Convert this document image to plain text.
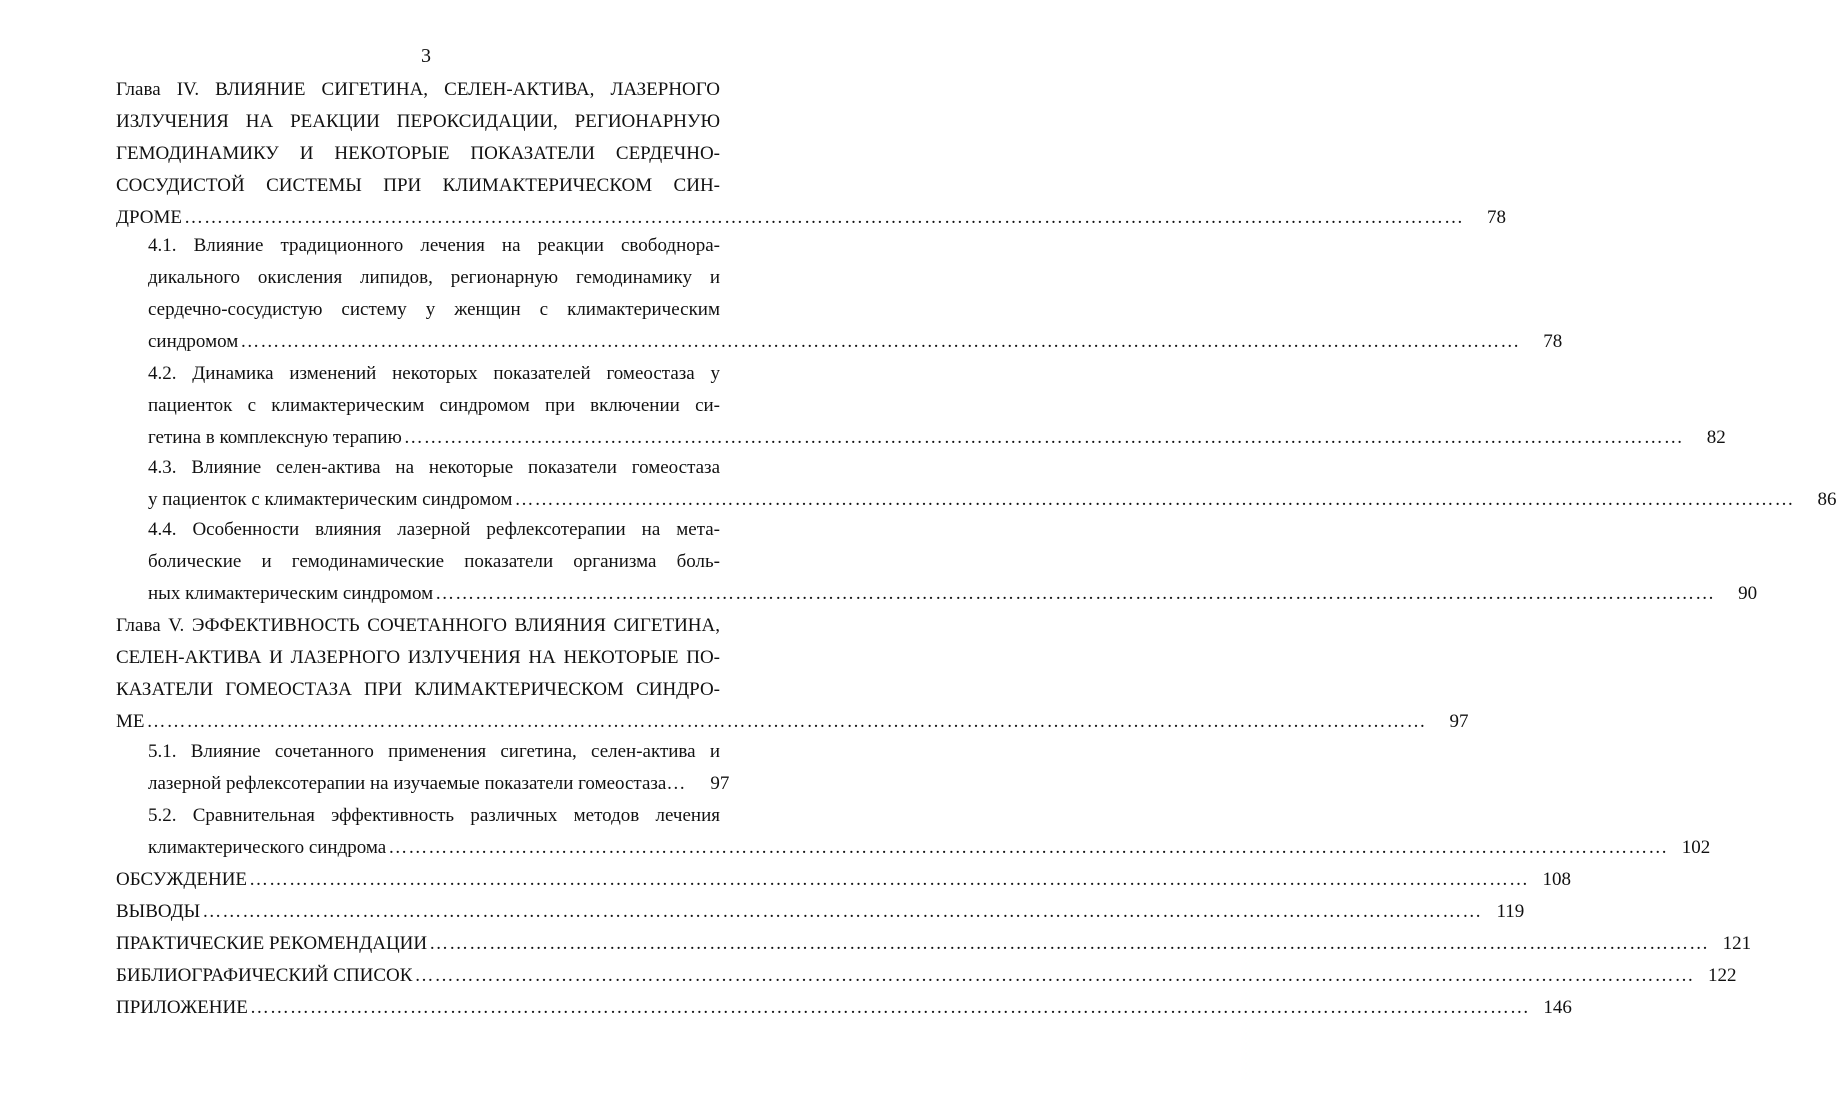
3
Глава IV. ВЛИЯНИЕ СИГЕТИНА, СЕЛЕН-АКТИВА, ЛАЗЕРНОГО
ИЗЛУЧЕНИЯ НА РЕАКЦИИ ПЕРОКСИДАЦИИ, РЕГИОНАРНУЮ
ГЕМОДИНАМИКУ И НЕКОТОРЫЕ ПОКАЗАТЕЛИ СЕРДЕЧНО-
СОСУДИСТОЙ СИСТЕМЫ ПРИ КЛИМАКТЕРИЧЕСКОМ СИН-
ДРОМЕ …………………………………………………………………………………………………………………………………………………………………………	78
4.1. Влияние традиционного лечения на реакции свободнора-
дикального окисления липидов, регионарную гемодинамику и
сердечно-сосудистую систему у женщин с климактерическим
синдромом …………………………………………………………………………………………………………………………………………………………………………	78
4.2. Динамика изменений некоторых показателей гомеостаза у
пациенток с климактерическим синдромом при включении си-
гетина в комплексную терапию …………………………………………………………………………………………………………………………………………………………………………	82
4.3. Влияние селен-актива на некоторые показатели гомеостаза
у пациенток с климактерическим синдромом …………………………………………………………………………………………………………………………………………………………………………	86
4.4. Особенности влияния лазерной рефлексотерапии на мета-
болические и гемодинамические показатели организма боль-
ных климактерическим синдромом …………………………………………………………………………………………………………………………………………………………………………	90
Глава V. ЭФФЕКТИВНОСТЬ СОЧЕТАННОГО ВЛИЯНИЯ СИГЕТИНА,
СЕЛЕН-АКТИВА И ЛАЗЕРНОГО ИЗЛУЧЕНИЯ НА НЕКОТОРЫЕ ПО-
КАЗАТЕЛИ ГОМЕОСТАЗА ПРИ КЛИМАКТЕРИЧЕСКОМ СИНДРО-
МЕ …………………………………………………………………………………………………………………………………………………………………………	97
5.1. Влияние сочетанного применения сигетина, селен-актива и
лазерной рефлексотерапии на изучаемые показатели гомеостаза…	97
5.2. Сравнительная эффективность различных методов лечения
климактерического синдрома ………………………………………………………………………………………………………………………………………………………………………… 102
ОБСУЖДЕНИЕ ………………………………………………………………………………………………………………………………………………………………………… 108
ВЫВОДЫ ………………………………………………………………………………………………………………………………………………………………………… 119
ПРАКТИЧЕСКИЕ РЕКОМЕНДАЦИИ ………………………………………………………………………………………………………………………………………………………………………… 121
БИБЛИОГРАФИЧЕСКИЙ СПИСОК ………………………………………………………………………………………………………………………………………………………………………… 122
ПРИЛОЖЕНИЕ ………………………………………………………………………………………………………………………………………………………………………… 146
